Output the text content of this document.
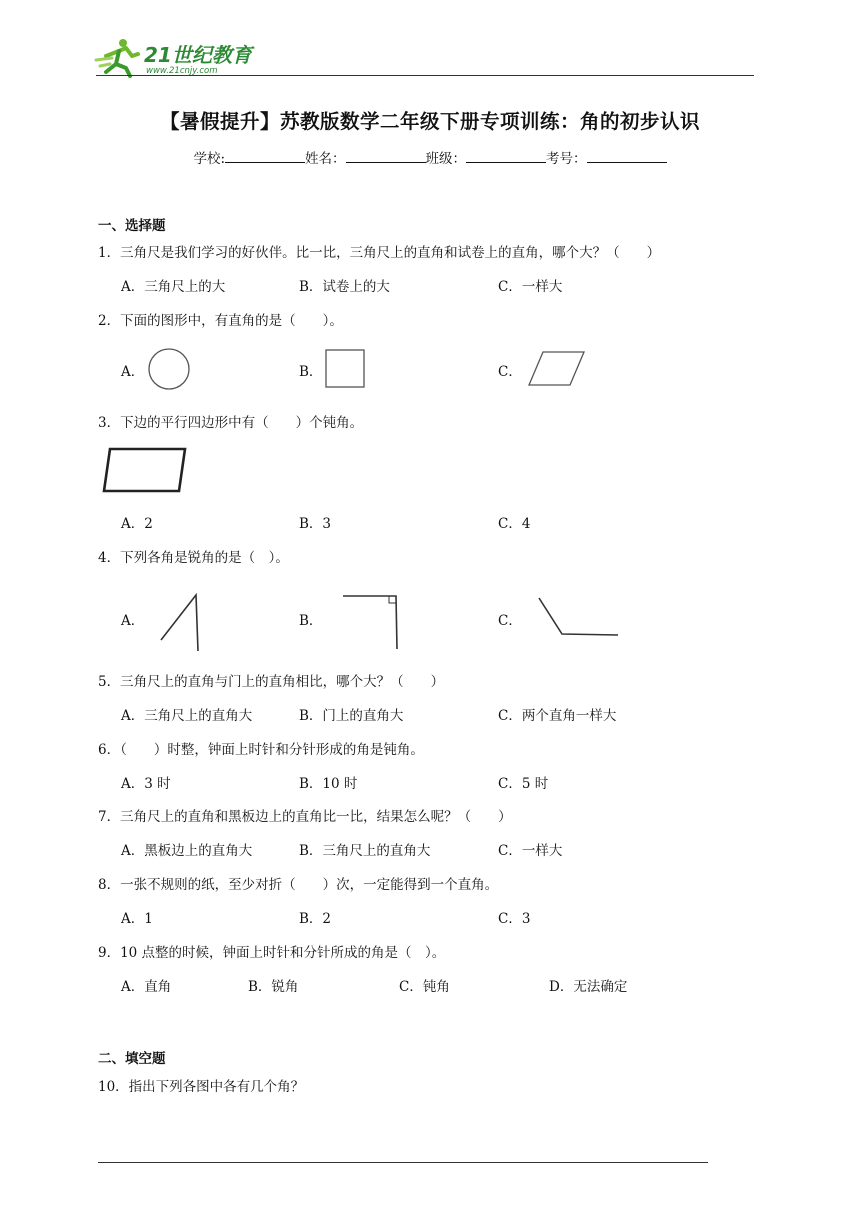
21世纪教育
www.21cnjy.com
【暑假提升】苏教版数学二年级下册专项训练：角的初步认识
学校:	姓名：	班级：	考号：
一、选择题
1．三角尺是我们学习的好伙伴。比一比，三角尺上的直角和试卷上的直角，哪个大？（　　）
A．三角尺上的大	B．试卷上的大	C．一样大
2．下面的图形中，有直角的是（　　）。
A．	B．	C．
3．下边的平行四边形中有（　　）个钝角。
A．2	B．3	C．4
4．下列各角是锐角的是（　）。
A．	B．	C．
5．三角尺上的直角与门上的直角相比，哪个大？（　　）
A．三角尺上的直角大	B．门上的直角大	C．两个直角一样大
6．（　　）时整，钟面上时针和分针形成的角是钝角。
A．3 时	B．10 时	C．5 时
7．三角尺上的直角和黑板边上的直角比一比，结果怎么呢？（　　）
A．黑板边上的直角大	B．三角尺上的直角大	C．一样大
8．一张不规则的纸，至少对折（　　）次，一定能得到一个直角。
A．1	B．2	C．3
9．10 点整的时候，钟面上时针和分针所成的角是（　）。
A．直角	B．锐角	C．钝角	D．无法确定
二、填空题
10．指出下列各图中各有几个角？
